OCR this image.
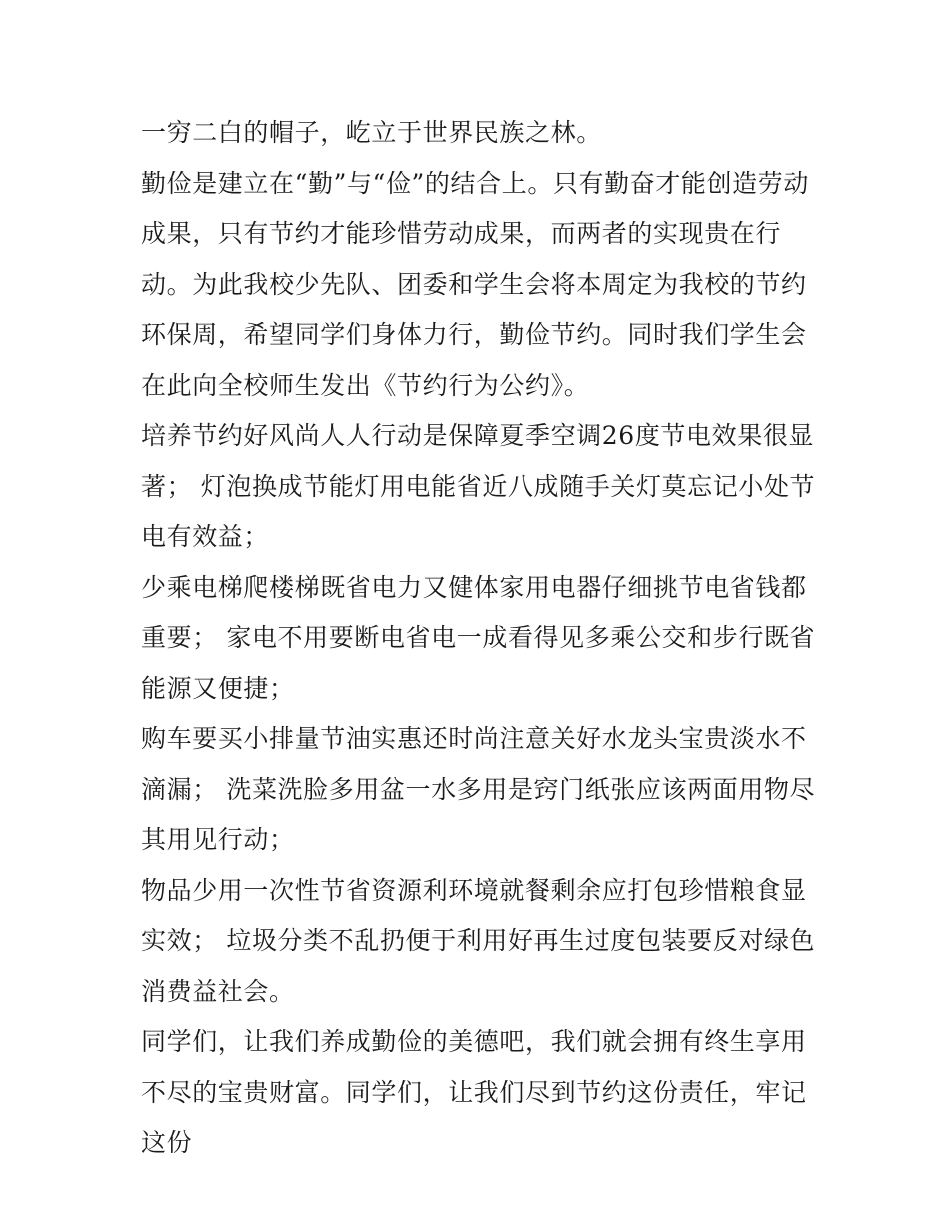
一穷二白的帽子，屹立于世界民族之林。

勤俭是建立在“勤”与“俭”的结合上。只有勤奋才能创造劳动成果，只有节约才能珍惜劳动成果，而两者的实现贵在行动。为此我校少先队、团委和学生会将本周定为我校的节约环保周，希望同学们身体力行，勤俭节约。同时我们学生会在此向全校师生发出《节约行为公约》。

培养节约好风尚人人行动是保障夏季空调26度节电效果很显著； 灯泡换成节能灯用电能省近八成随手关灯莫忘记小处节电有效益；

少乘电梯爬楼梯既省电力又健体家用电器仔细挑节电省钱都重要； 家电不用要断电省电一成看得见多乘公交和步行既省能源又便捷；

购车要买小排量节油实惠还时尚注意关好水龙头宝贵淡水不滴漏； 洗菜洗脸多用盆一水多用是窍门纸张应该两面用物尽其用见行动；

物品少用一次性节省资源利环境就餐剩余应打包珍惜粮食显实效； 垃圾分类不乱扔便于利用好再生过度包装要反对绿色消费益社会。

同学们，让我们养成勤俭的美德吧，我们就会拥有终生享用不尽的宝贵财富。同学们，让我们尽到节约这份责任，牢记这份
